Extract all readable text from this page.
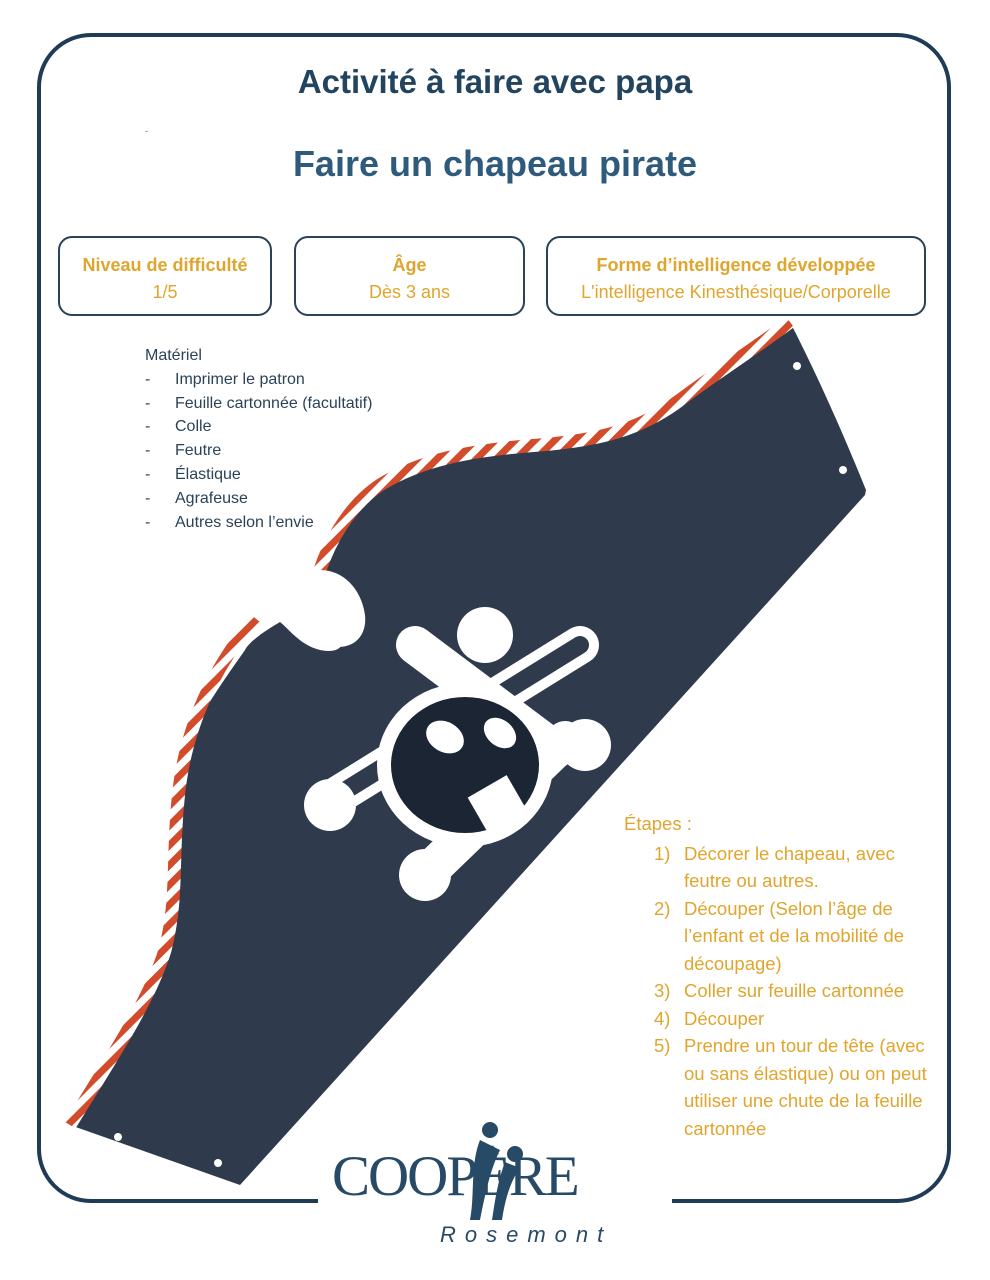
Activité à faire avec papa
-
Faire un chapeau pirate
Niveau de difficulté
1/5
Âge
Dès 3 ans
Forme d’intelligence développée
L'intelligence Kinesthésique/Corporelle
Matériel
- Imprimer le patron
- Feuille cartonnée (facultatif)
- Colle
- Feutre
- Élastique
- Agrafeuse
- Autres selon l’envie
Étapes :
1) Décorer le chapeau, avec feutre ou autres.
2) Découper (Selon l’âge de l’enfant et de la mobilité de découpage)
3) Coller sur feuille cartonnée
4) Découper
5) Prendre un tour de tête (avec ou sans élastique) ou on peut utiliser une chute de la feuille cartonnée
COOPÈRE
Rosemont
